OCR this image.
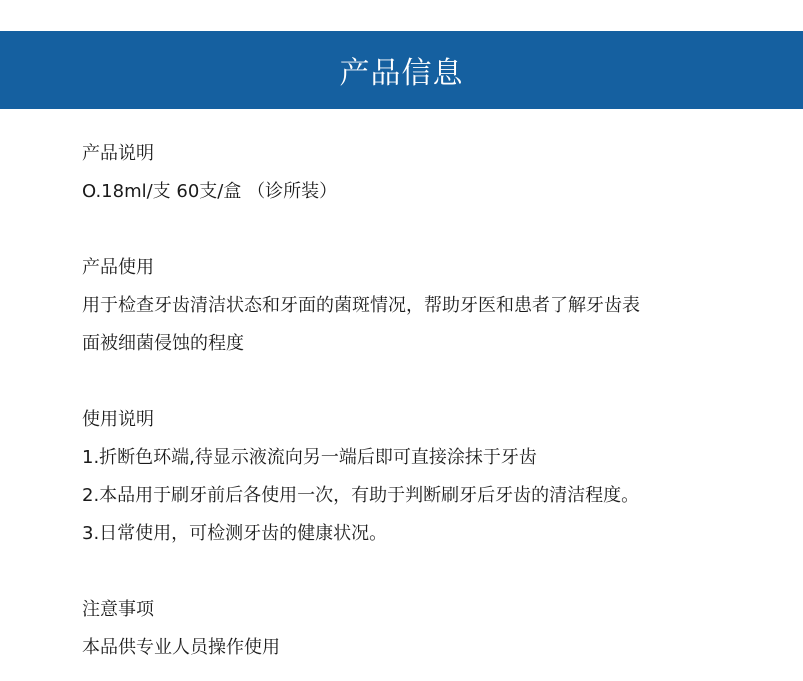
产品信息
产品说明
O.18ml/支 60支/盒 （诊所装）
产品使用
用于检查牙齿清洁状态和牙面的菌斑情况，帮助牙医和患者了解牙齿表
面被细菌侵蚀的程度
使用说明
1.折断色环端,待显示液流向另一端后即可直接涂抹于牙齿
2.本品用于刷牙前后各使用一次，有助于判断刷牙后牙齿的清洁程度。
3.日常使用，可检测牙齿的健康状况。
注意事项
本品供专业人员操作使用
